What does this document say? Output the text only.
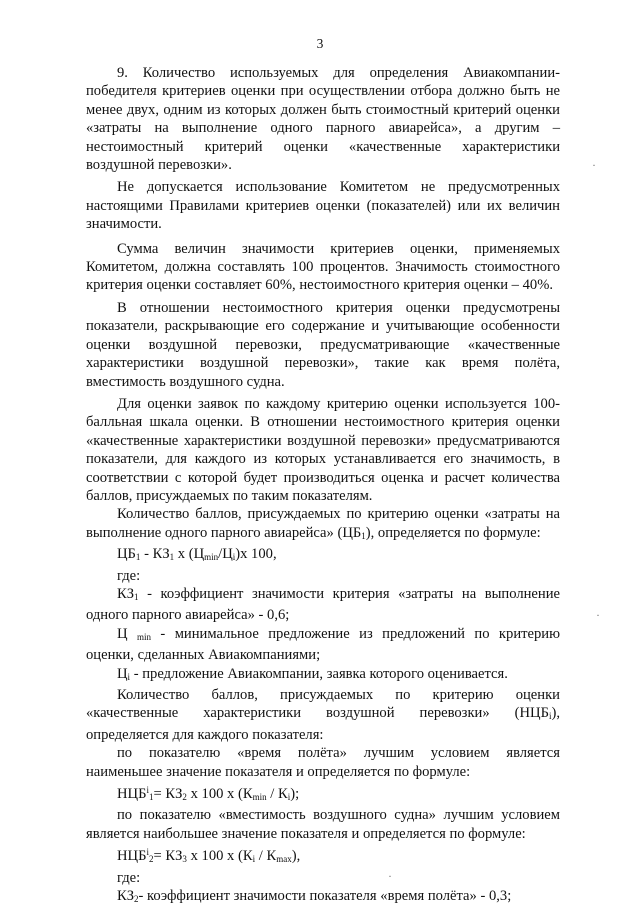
3

9. Количество используемых для определения Авиакомпании-победителя критериев оценки при осуществлении отбора должно быть не менее двух, одним из которых должен быть стоимостный критерий оценки «затраты на выполнение одного парного авиарейса», а другим – нестоимостный критерий оценки «качественные характеристики воздушной перевозки».

Не допускается использование Комитетом не предусмотренных настоящими Правилами критериев оценки (показателей) или их величин значимости.

Сумма величин значимости критериев оценки, применяемых Комитетом, должна составлять 100 процентов. Значимость стоимостного критерия оценки составляет 60%, нестоимостного критерия оценки – 40%.

В отношении нестоимостного критерия оценки предусмотрены показатели, раскрывающие его содержание и учитывающие особенности оценки воздушной перевозки, предусматривающие «качественные характеристики воздушной перевозки», такие как время полёта, вместимость воздушного судна.

Для оценки заявок по каждому критерию оценки используется 100-балльная шкала оценки. В отношении нестоимостного критерия оценки «качественные характеристики воздушной перевозки» предусматриваются показатели, для каждого из которых устанавливается его значимость, в соответствии с которой будет производиться оценка и расчет количества баллов, присуждаемых по таким показателям.

Количество баллов, присуждаемых по критерию оценки «затраты на выполнение одного парного авиарейса» $(ЦБ_1)$, определяется по формуле:

$ЦБ_1 - КЗ_1$ х $(Ц_{min}/Ц_i)х$ 100,

где:

$КЗ_1$ - коэффициент значимости критерия «затраты на выполнение одного парного авиарейса» - 0,6;

Ц $_{min}$ - минимальное предложение из предложений по критерию оценки, сделанных Авиакомпаниями;

$Ц_i$ - предложение Авиакомпании, заявка которого оценивается.

Количество баллов, присуждаемых по критерию оценки «качественные характеристики воздушной перевозки» $(НЦБ_i)$, определяется для каждого показателя:

по показателю «время полёта» лучшим условием является наименьшее значение показателя и определяется по формуле:

$НЦБ^i_1= КЗ_2$ х 100 х $(К_{min} / К_i)$;

по показателю «вместимость воздушного судна» лучшим условием является наибольшее значение показателя и определяется по формуле:

$НЦБ^i_2= КЗ_3$ х 100 х $(К_i / К_{max})$,

где:

$КЗ_2-$ коэффициент значимости показателя «время полёта» - 0,3;

·
·
·
